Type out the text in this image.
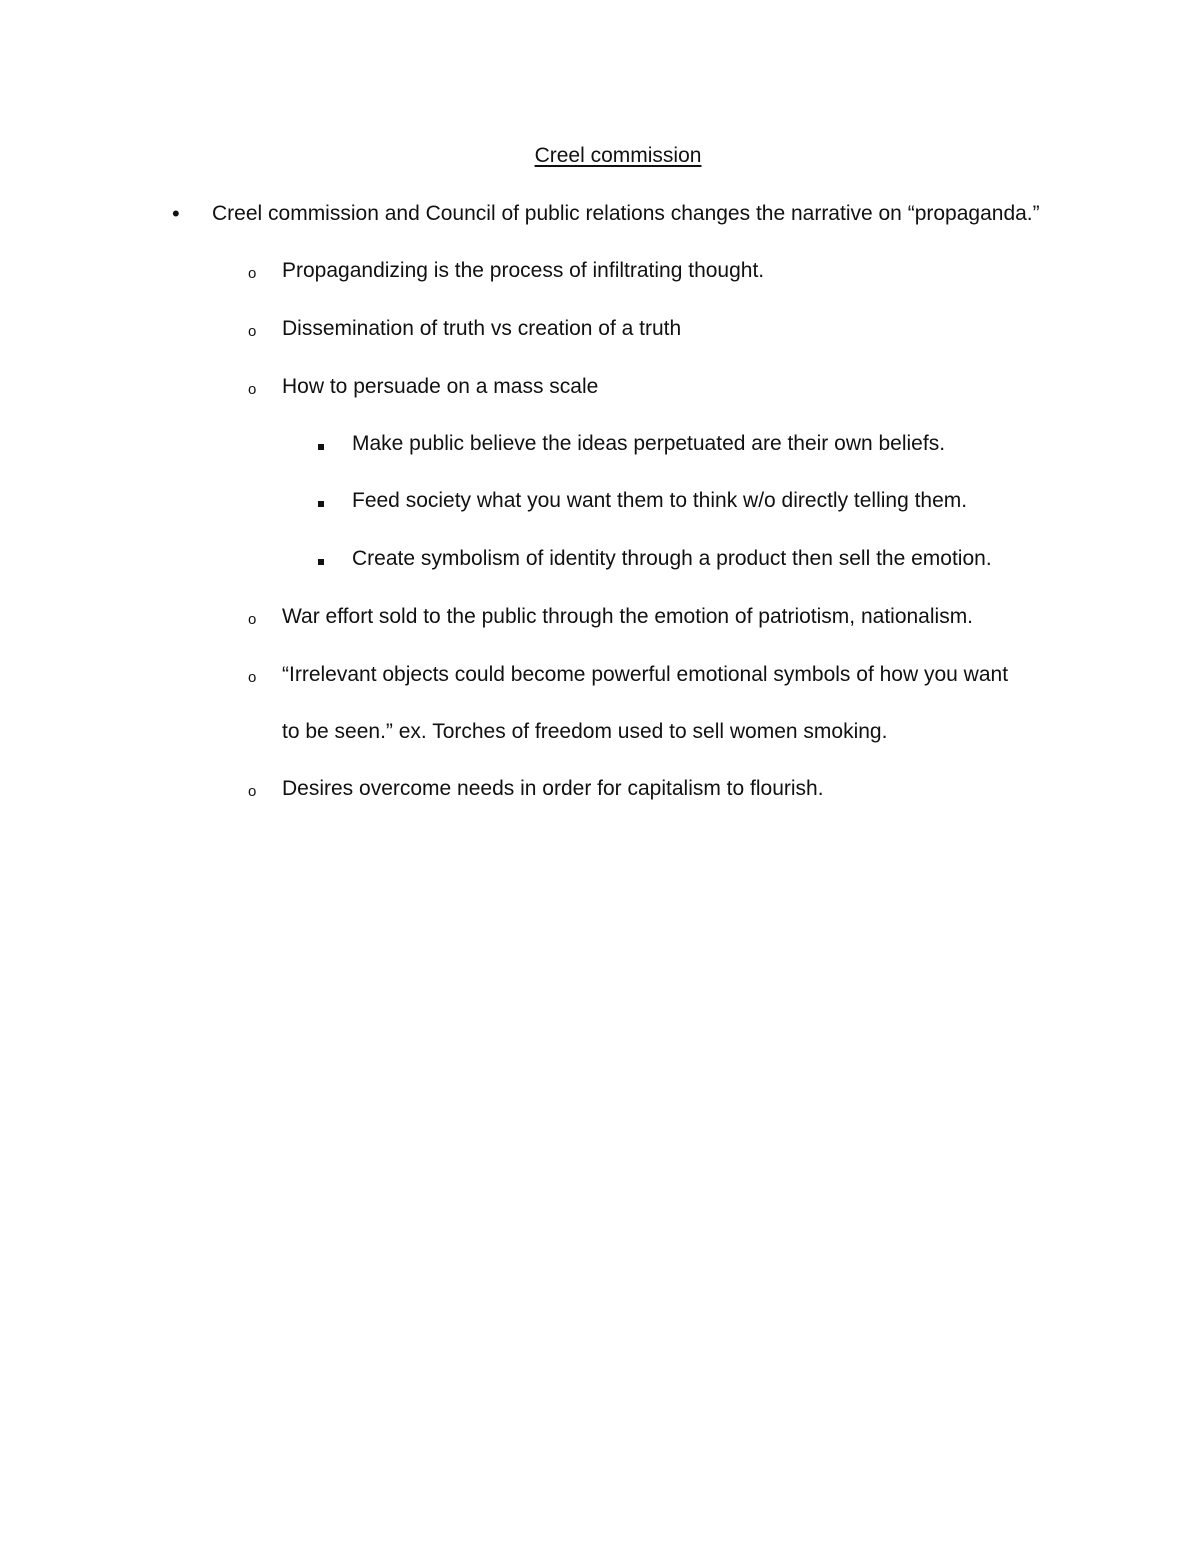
Creel commission
• Creel commission and Council of public relations changes the narrative on “propaganda.”
o Propagandizing is the process of infiltrating thought.
o Dissemination of truth vs creation of a truth
o How to persuade on a mass scale
Make public believe the ideas perpetuated are their own beliefs.
Feed society what you want them to think w/o directly telling them.
Create symbolism of identity through a product then sell the emotion.
o War effort sold to the public through the emotion of patriotism, nationalism.
o “Irrelevant objects could become powerful emotional symbols of how you want
to be seen.” ex. Torches of freedom used to sell women smoking.
o Desires overcome needs in order for capitalism to flourish.
